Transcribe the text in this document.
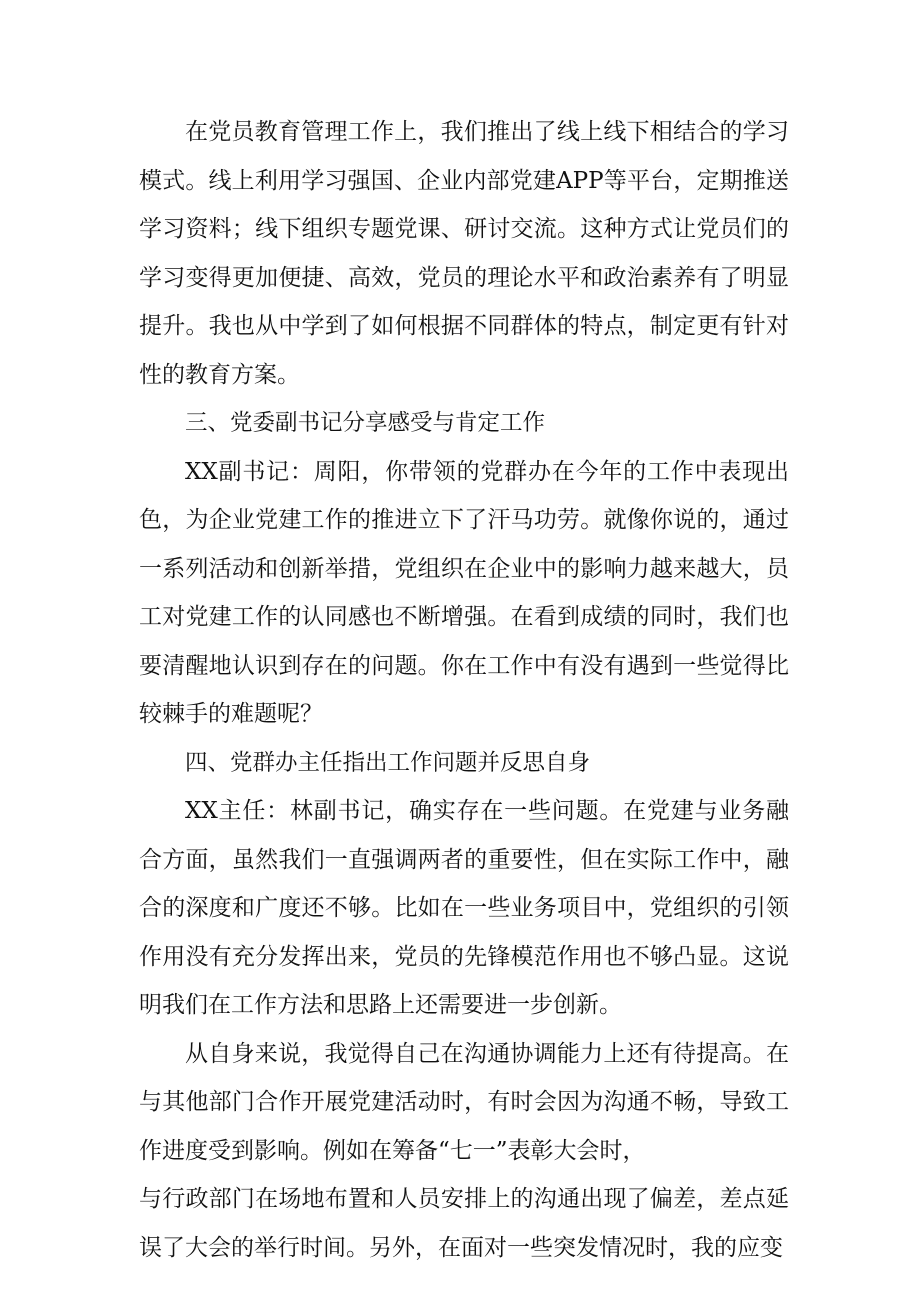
在党员教育管理工作上，我们推出了线上线下相结合的学习模式。线上利用学习强国、企业内部党建APP等平台，定期推送学习资料；线下组织专题党课、研讨交流。这种方式让党员们的学习变得更加便捷、高效，党员的理论水平和政治素养有了明显提升。我也从中学到了如何根据不同群体的特点，制定更有针对性的教育方案。

三、党委副书记分享感受与肯定工作

XX副书记：周阳，你带领的党群办在今年的工作中表现出色，为企业党建工作的推进立下了汗马功劳。就像你说的，通过一系列活动和创新举措，党组织在企业中的影响力越来越大，员工对党建工作的认同感也不断增强。在看到成绩的同时，我们也要清醒地认识到存在的问题。你在工作中有没有遇到一些觉得比较棘手的难题呢？

四、党群办主任指出工作问题并反思自身

XX主任：林副书记，确实存在一些问题。在党建与业务融合方面，虽然我们一直强调两者的重要性，但在实际工作中，融合的深度和广度还不够。比如在一些业务项目中，党组织的引领作用没有充分发挥出来，党员的先锋模范作用也不够凸显。这说明我们在工作方法和思路上还需要进一步创新。

从自身来说，我觉得自己在沟通协调能力上还有待提高。在与其他部门合作开展党建活动时，有时会因为沟通不畅，导致工作进度受到影响。例如在筹备“七一”表彰大会时，

与行政部门在场地布置和人员安排上的沟通出现了偏差，差点延误了大会的举行时间。另外，在面对一些突发情况时，我的应变
